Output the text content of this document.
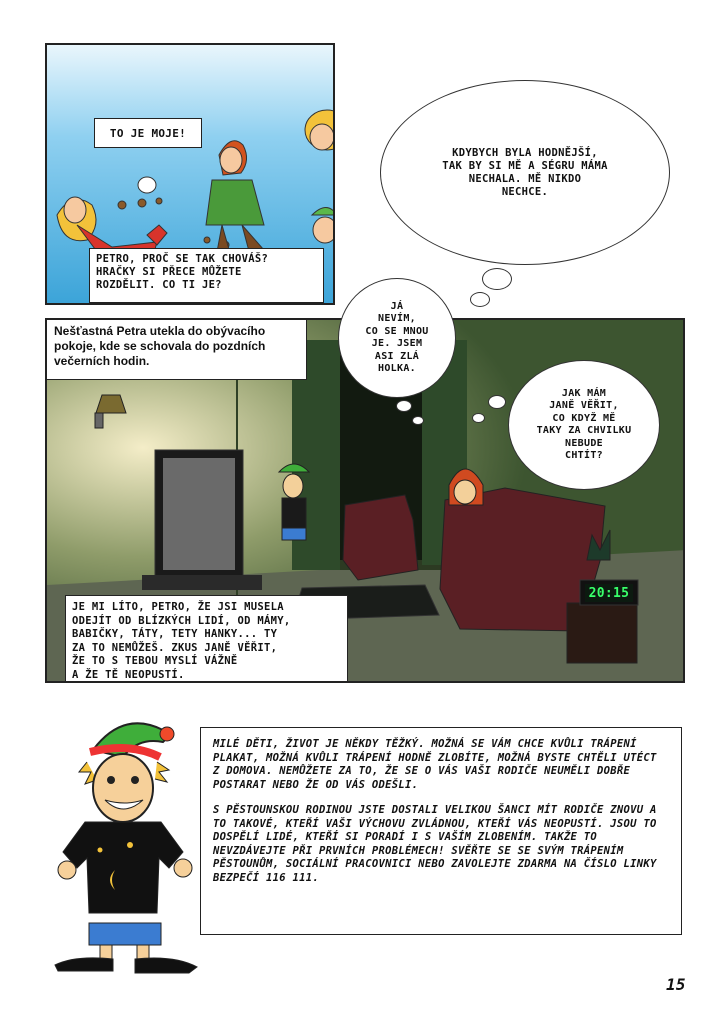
TO JE MOJE!
PETRO, PROČ SE TAK CHOVÁŠ?
HRAČKY SI PŘECE MŮŽETE
ROZDĚLIT. CO TI JE?
KDYBYCH BYLA HODNĚJŠÍ,
TAK BY SI MĚ A SÉGRU MÁMA
NECHALA. MĚ NIKDO
NECHCE.
20:15
Nešťastná Petra utekla do obývacího pokoje, kde se schovala do pozdních večerních hodin.
JE MI LÍTO, PETRO, ŽE JSI MUSELA
ODEJÍT OD BLÍZKÝCH LIDÍ, OD MÁMY,
BABIČKY, TÁTY, TETY HANKY... TY
ZA TO NEMŮŽEŠ. ZKUS JANĚ VĚŘIT,
ŽE TO S TEBOU MYSLÍ VÁŽNĚ
A ŽE TĚ NEOPUSTÍ.
JÁ
NEVÍM,
CO SE MNOU
JE. JSEM
ASI ZLÁ
HOLKA.
JAK MÁM
JANĚ VĚŘIT,
CO KDYŽ MĚ
TAKY ZA CHVILKU
NEBUDE
CHTÍT?

MILÉ DĚTI, ŽIVOT JE NĚKDY TĚŽKÝ. MOŽNÁ SE VÁM CHCE KVŮLI TRÁPENÍ PLAKAT, MOŽNÁ KVŮLI TRÁPENÍ HODNĚ ZLOBÍTE, MOŽNÁ BYSTE CHTĚLI UTÉCT Z DOMOVA. NEMŮŽETE ZA TO, ŽE SE O VÁS VAŠI RODIČE NEUMĚLI DOBŘE POSTARAT NEBO ŽE OD VÁS ODEŠLI.

S PĚSTOUNSKOU RODINOU JSTE DOSTALI VELIKOU ŠANCI MÍT RODIČE ZNOVU A TO TAKOVÉ, KTEŘÍ VAŠI VÝCHOVU ZVLÁDNOU, KTEŘÍ VÁS NEOPUSTÍ. JSOU TO DOSPĚLÍ LIDÉ, KTEŘÍ SI PORADÍ I S VAŠÍM ZLOBENÍM. TAKŽE TO NEVZDÁVEJTE PŘI PRVNÍCH PROBLÉMECH! SVĚŘTE SE SE SVÝM TRÁPENÍM PĚSTOUNŮM, SOCIÁLNÍ PRACOVNICI NEBO ZAVOLEJTE ZDARMA NA ČÍSLO LINKY BEZPEČÍ 116 111.

15
